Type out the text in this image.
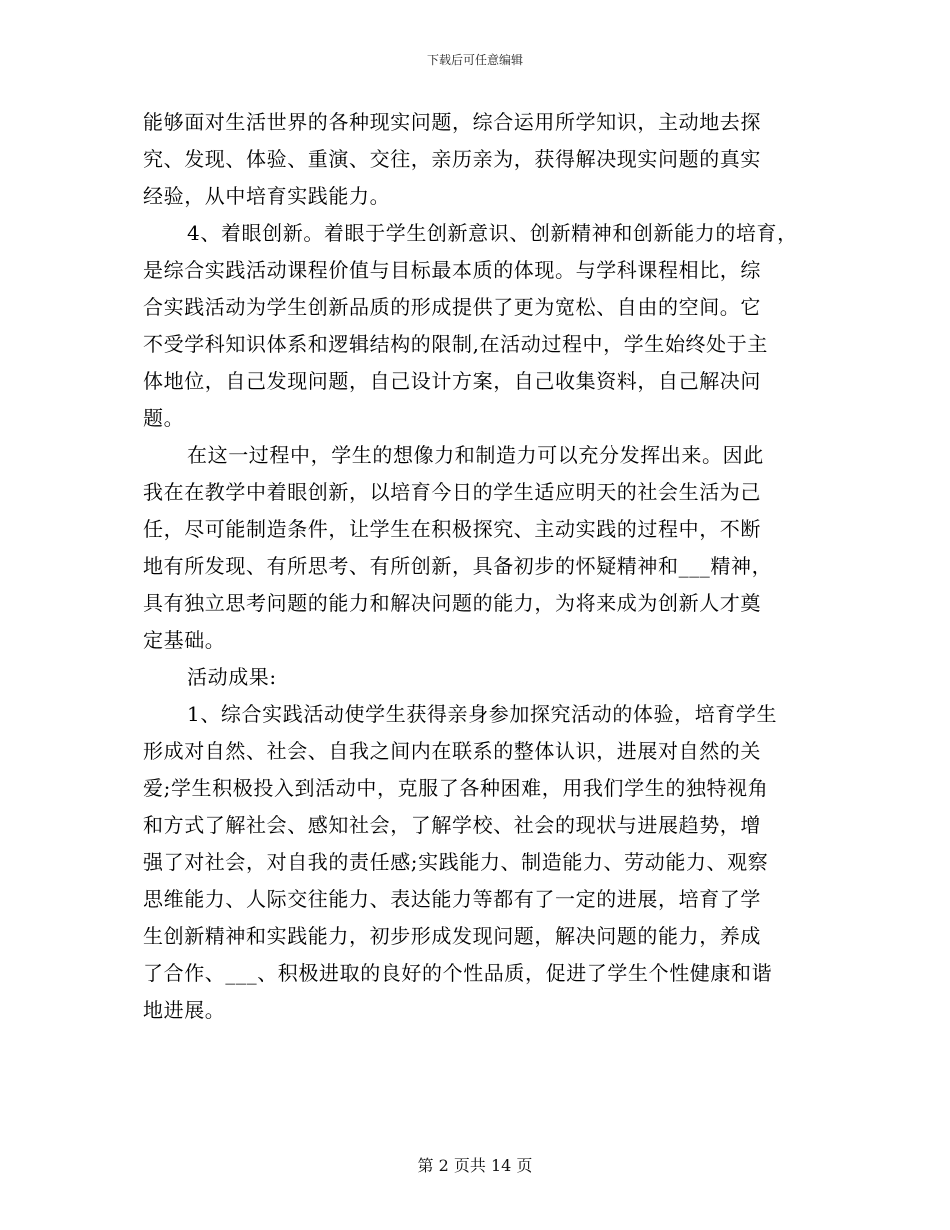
下载后可任意编辑
能够面对生活世界的各种现实问题，综合运用所学知识，主动地去探
究、发现、体验、重演、交往，亲历亲为，获得解决现实问题的真实
经验，从中培育实践能力。
4、着眼创新。着眼于学生创新意识、创新精神和创新能力的培育，
是综合实践活动课程价值与目标最本质的体现。与学科课程相比，综
合实践活动为学生创新品质的形成提供了更为宽松、自由的空间。它
不受学科知识体系和逻辑结构的限制,在活动过程中，学生始终处于主
体地位，自己发现问题，自己设计方案，自己收集资料，自己解决问
题。
在这一过程中，学生的想像力和制造力可以充分发挥出来。因此
我在在教学中着眼创新，以培育今日的学生适应明天的社会生活为己
任，尽可能制造条件，让学生在积极探究、主动实践的过程中，不断
地有所发现、有所思考、有所创新，具备初步的怀疑精神和___精神，
具有独立思考问题的能力和解决问题的能力，为将来成为创新人才奠
定基础。
活动成果:
1、综合实践活动使学生获得亲身参加探究活动的体验，培育学生
形成对自然、社会、自我之间内在联系的整体认识，进展对自然的关
爱;学生积极投入到活动中，克服了各种困难，用我们学生的独特视角
和方式了解社会、感知社会，了解学校、社会的现状与进展趋势，增
强了对社会，对自我的责任感;实践能力、制造能力、劳动能力、观察
思维能力、人际交往能力、表达能力等都有了一定的进展，培育了学
生创新精神和实践能力，初步形成发现问题，解决问题的能力，养成
了合作、___、积极进取的良好的个性品质，促进了学生个性健康和谐
地进展。
第 2 页共 14 页
